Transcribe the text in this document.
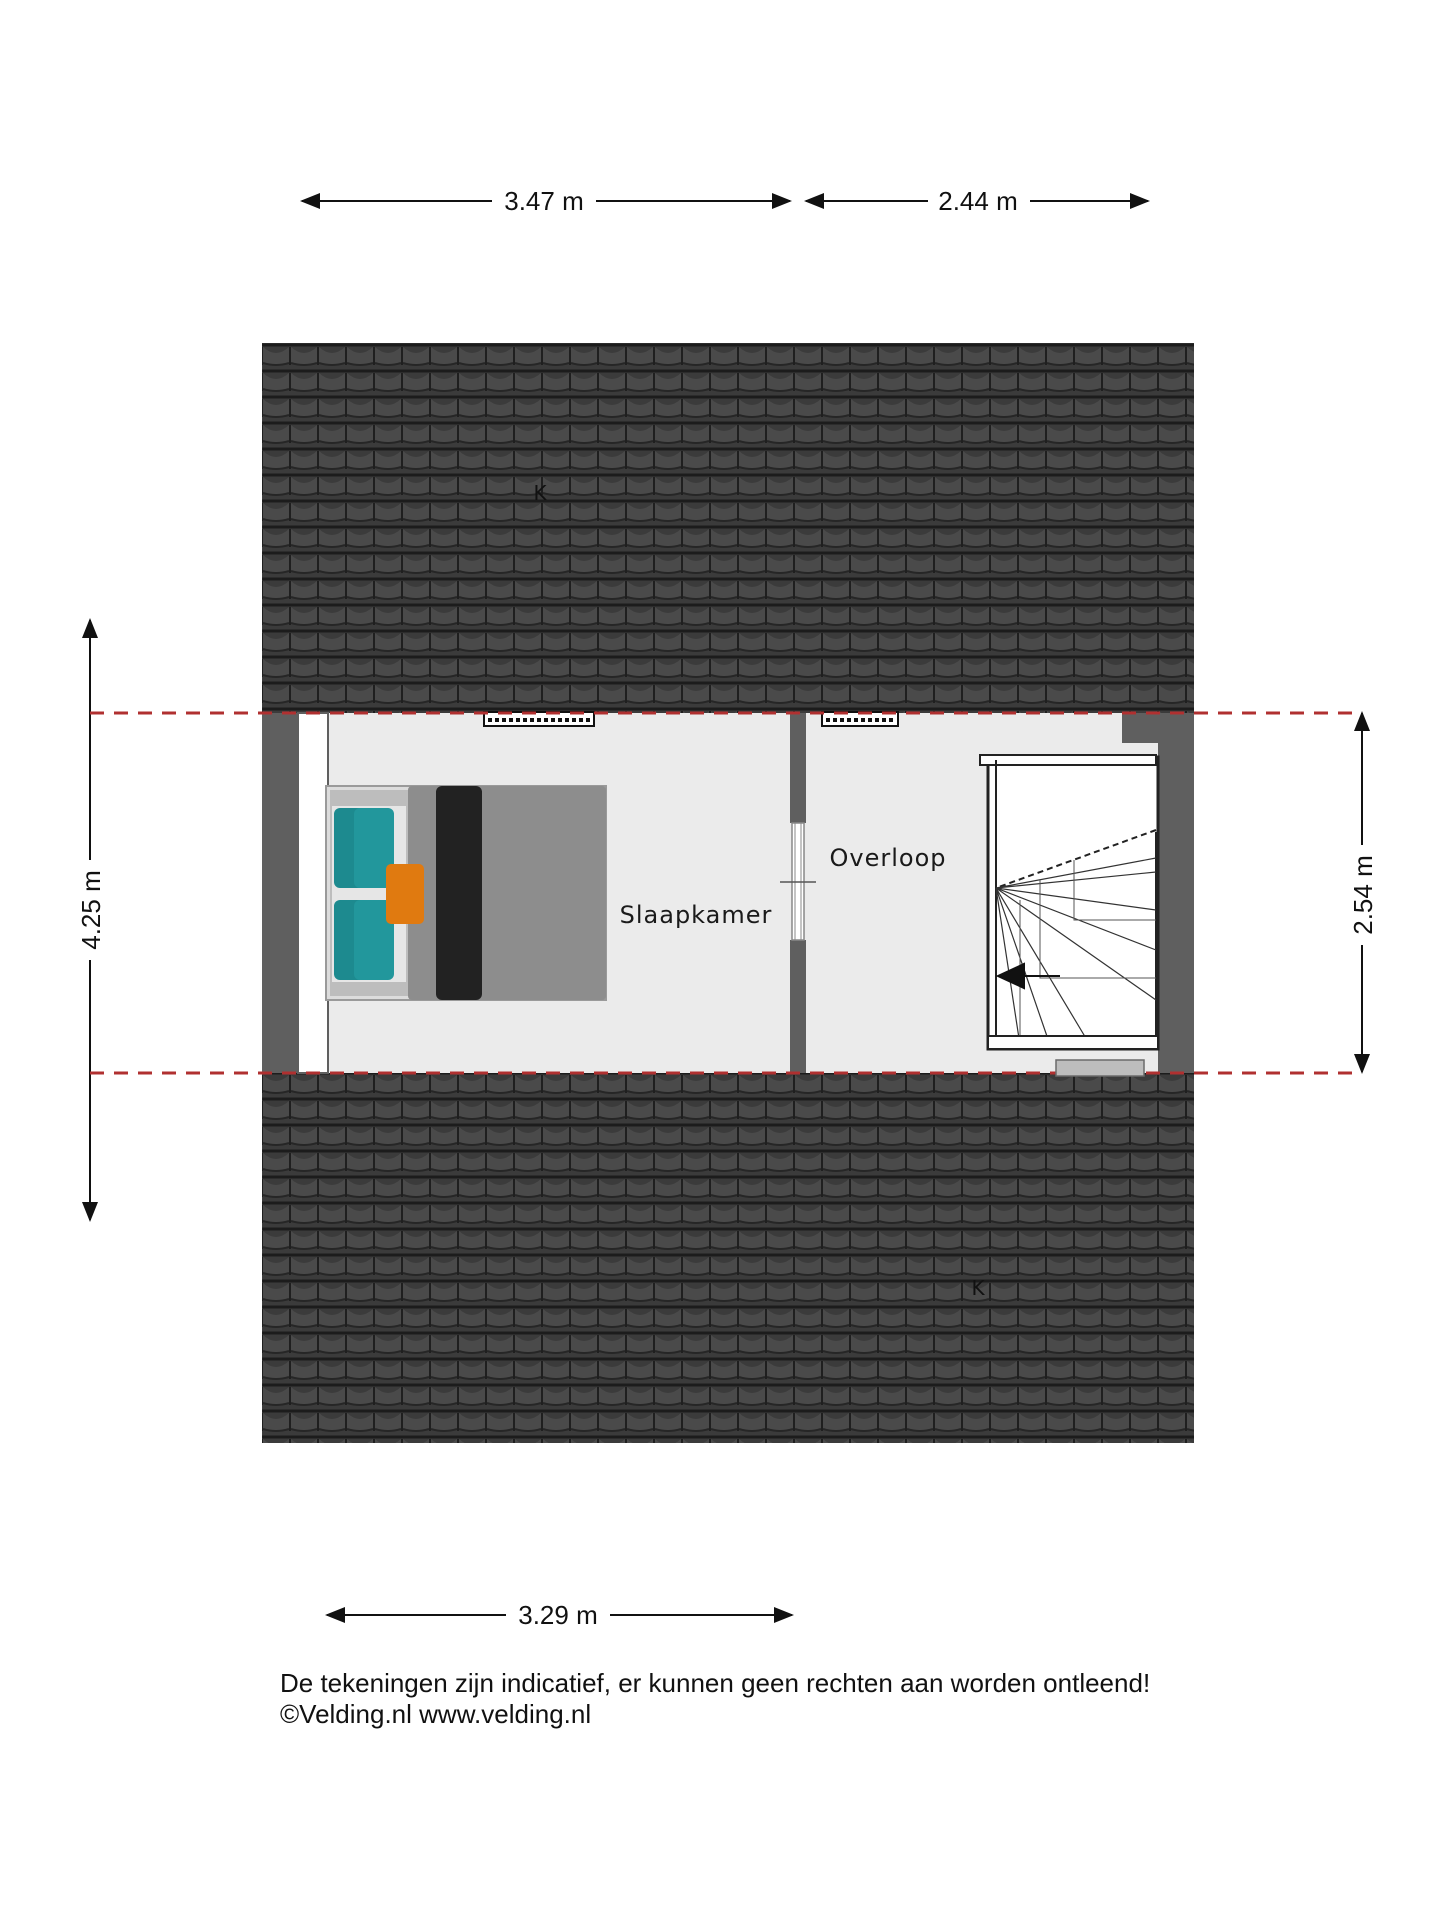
3.47 m	2.44 m
4.25 m	2.54 m
3.29 m
K
K
Slaapkamer
Overloop
De tekeningen zijn indicatief, er kunnen geen rechten aan worden ontleend!
©Velding.nl www.velding.nl
